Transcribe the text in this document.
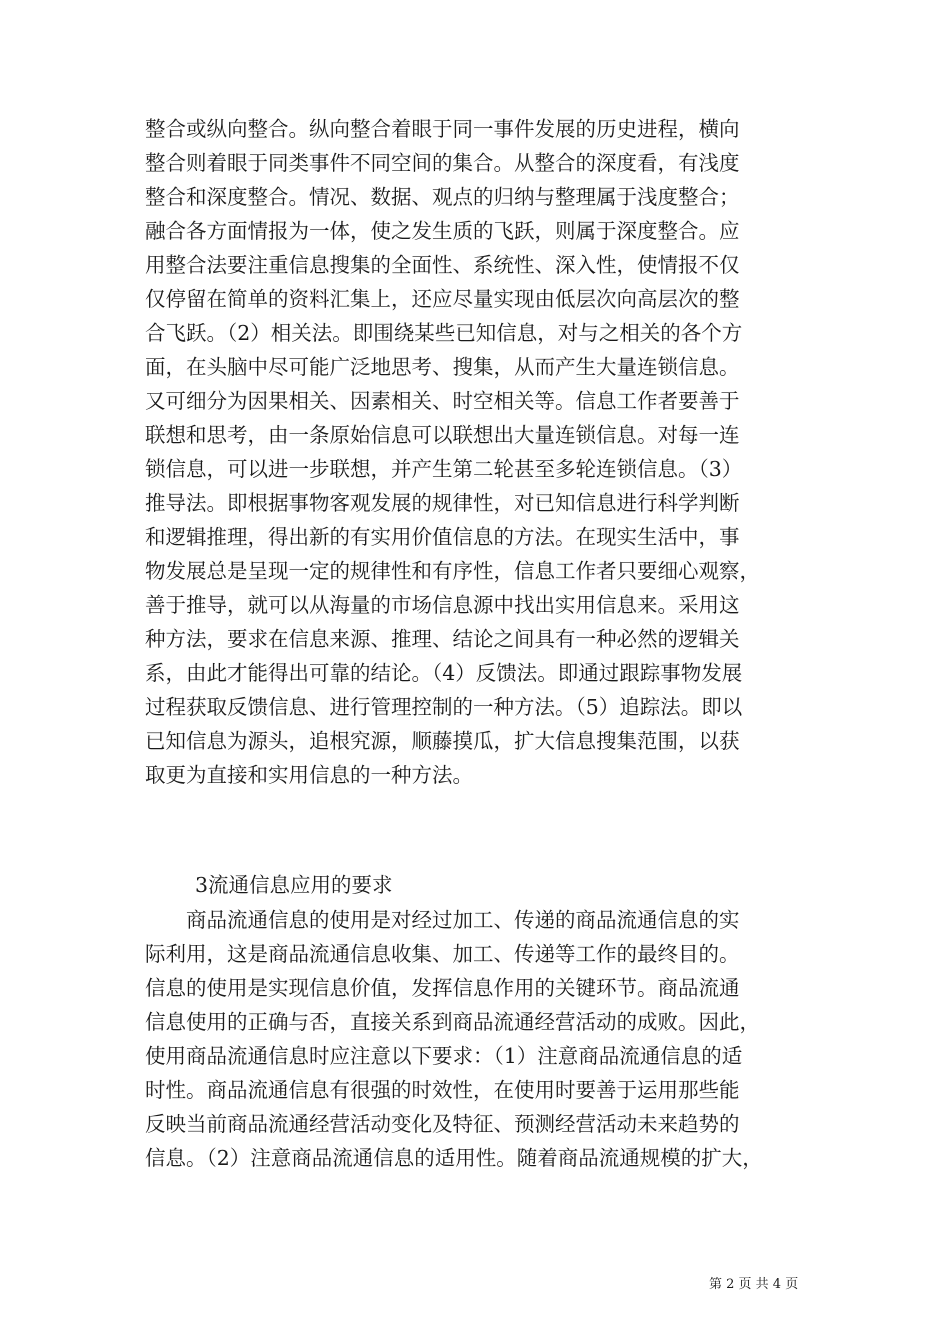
整合或纵向整合。纵向整合着眼于同一事件发展的历史进程，横向
整合则着眼于同类事件不同空间的集合。从整合的深度看，有浅度
整合和深度整合。情况、数据、观点的归纳与整理属于浅度整合；
融合各方面情报为一体，使之发生质的飞跃，则属于深度整合。应
用整合法要注重信息搜集的全面性、系统性、深入性，使情报不仅
仅停留在简单的资料汇集上，还应尽量实现由低层次向高层次的整
合飞跃。（2）相关法。即围绕某些已知信息，对与之相关的各个方
面，在头脑中尽可能广泛地思考、搜集，从而产生大量连锁信息。
又可细分为因果相关、因素相关、时空相关等。信息工作者要善于
联想和思考，由一条原始信息可以联想出大量连锁信息。对每一连
锁信息，可以进一步联想，并产生第二轮甚至多轮连锁信息。（3）
推导法。即根据事物客观发展的规律性，对已知信息进行科学判断
和逻辑推理，得出新的有实用价值信息的方法。在现实生活中，事
物发展总是呈现一定的规律性和有序性，信息工作者只要细心观察，
善于推导，就可以从海量的市场信息源中找出实用信息来。采用这
种方法，要求在信息来源、推理、结论之间具有一种必然的逻辑关
系，由此才能得出可靠的结论。（4）反馈法。即通过跟踪事物发展
过程获取反馈信息、进行管理控制的一种方法。（5）追踪法。即以
已知信息为源头，追根究源，顺藤摸瓜，扩大信息搜集范围，以获
取更为直接和实用信息的一种方法。
3流通信息应用的要求
　　商品流通信息的使用是对经过加工、传递的商品流通信息的实
际利用，这是商品流通信息收集、加工、传递等工作的最终目的。
信息的使用是实现信息价值，发挥信息作用的关键环节。商品流通
信息使用的正确与否，直接关系到商品流通经营活动的成败。因此，
使用商品流通信息时应注意以下要求：（1）注意商品流通信息的适
时性。商品流通信息有很强的时效性，在使用时要善于运用那些能
反映当前商品流通经营活动变化及特征、预测经营活动未来趋势的
信息。（2）注意商品流通信息的适用性。随着商品流通规模的扩大，
第 2 页 共 4 页
